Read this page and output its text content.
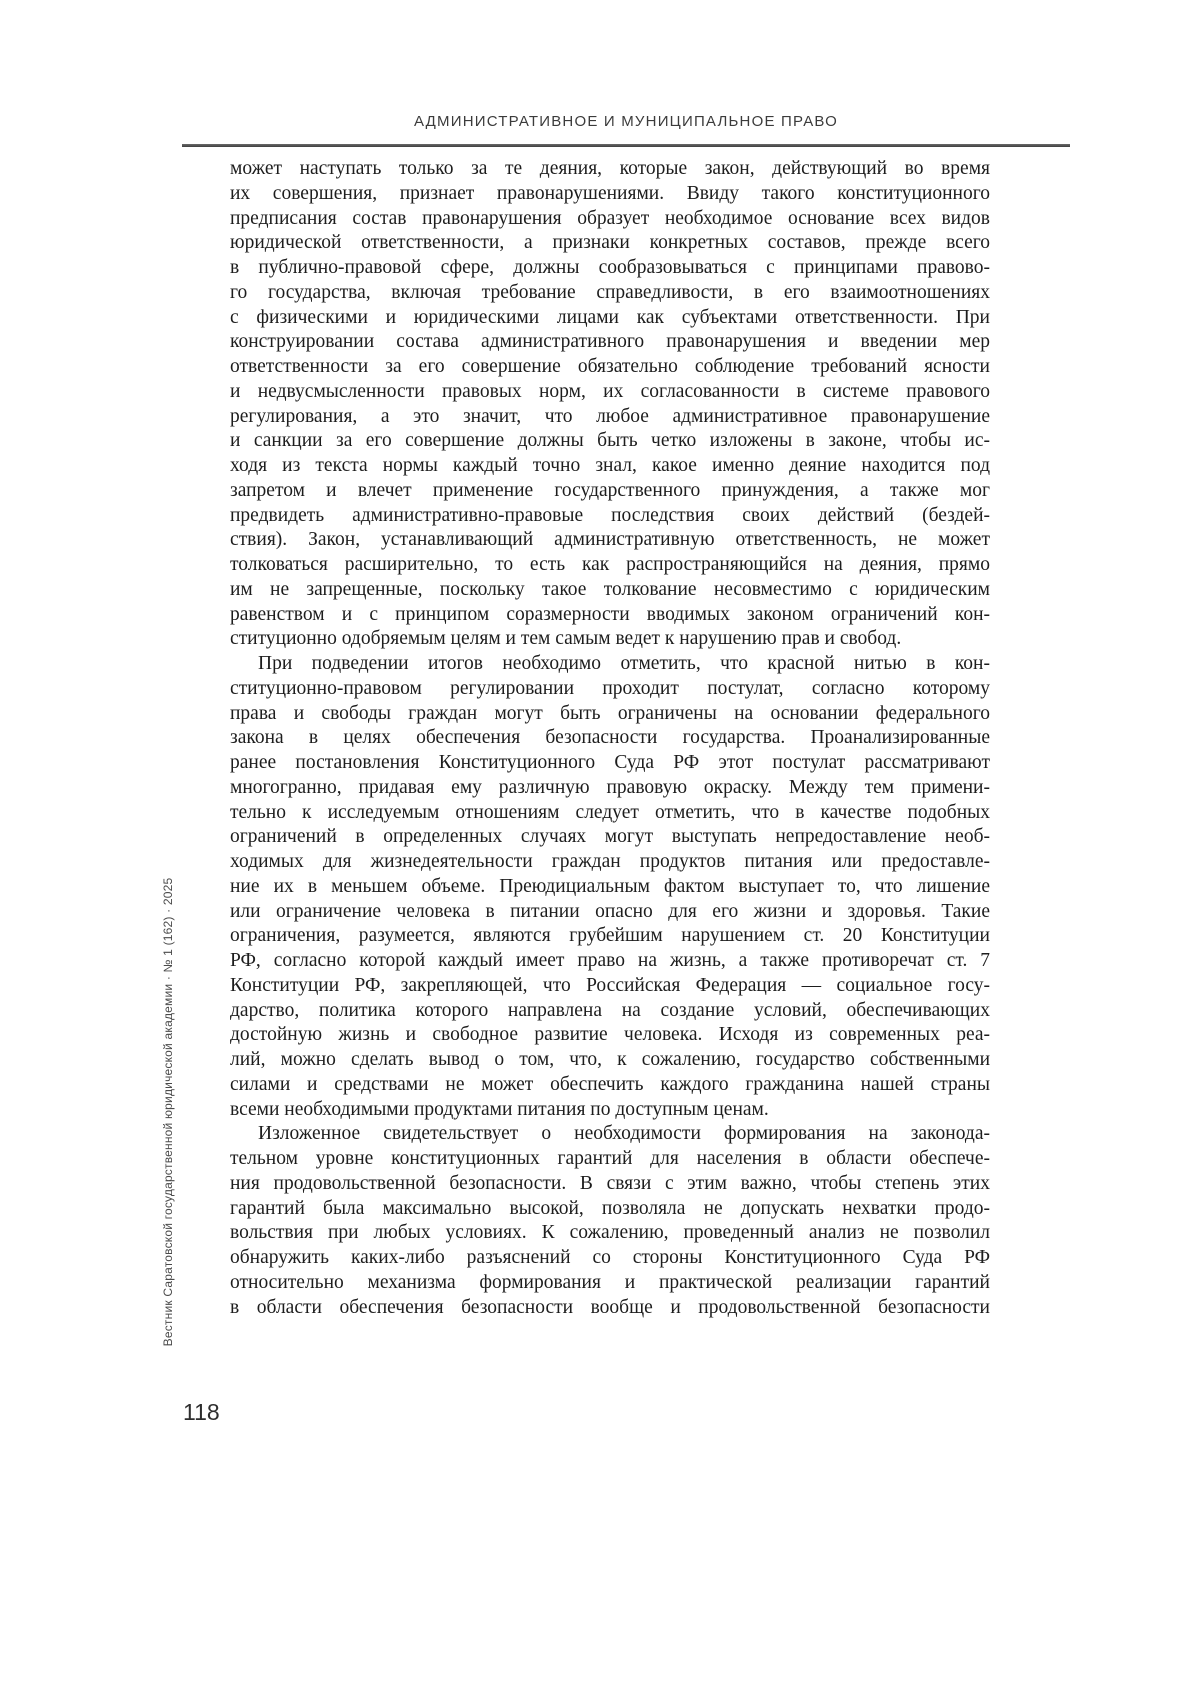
АДМИНИСТРАТИВНОЕ И МУНИЦИПАЛЬНОЕ ПРАВО
Вестник Саратовской государственной юридической академии · № 1 (162) · 2025
может наступать только за те деяния, которые закон, действующий во время
их совершения, признает правонарушениями. Ввиду такого конституционного
предписания состав правонарушения образует необходимое основание всех видов
юридической ответственности, а признаки конкретных составов, прежде всего
в публично-правовой сфере, должны сообразовываться с принципами правово-
го государства, включая требование справедливости, в его взаимоотношениях
с физическими и юридическими лицами как субъектами ответственности. При
конструировании состава административного правонарушения и введении мер
ответственности за его совершение обязательно соблюдение требований ясности
и недвусмысленности правовых норм, их согласованности в системе правового
регулирования, а это значит, что любое административное правонарушение
и санкции за его совершение должны быть четко изложены в законе, чтобы ис-
ходя из текста нормы каждый точно знал, какое именно деяние находится под
запретом и влечет применение государственного принуждения, а также мог
предвидеть административно-правовые последствия своих действий (бездей-
ствия). Закон, устанавливающий административную ответственность, не может
толковаться расширительно, то есть как распространяющийся на деяния, прямо
им не запрещенные, поскольку такое толкование несовместимо с юридическим
равенством и с принципом соразмерности вводимых законом ограничений кон-
ституционно одобряемым целям и тем самым ведет к нарушению прав и свобод.
При подведении итогов необходимо отметить, что красной нитью в кон-
ституционно-правовом регулировании проходит постулат, согласно которому
права и свободы граждан могут быть ограничены на основании федерального
закона в целях обеспечения безопасности государства. Проанализированные
ранее постановления Конституционного Суда РФ этот постулат рассматривают
многогранно, придавая ему различную правовую окраску. Между тем примени-
тельно к исследуемым отношениям следует отметить, что в качестве подобных
ограничений в определенных случаях могут выступать непредоставление необ-
ходимых для жизнедеятельности граждан продуктов питания или предоставле-
ние их в меньшем объеме. Преюдициальным фактом выступает то, что лишение
или ограничение человека в питании опасно для его жизни и здоровья. Такие
ограничения, разумеется, являются грубейшим нарушением ст. 20 Конституции
РФ, согласно которой каждый имеет право на жизнь, а также противоречат ст. 7
Конституции РФ, закрепляющей, что Российская Федерация — социальное госу-
дарство, политика которого направлена на создание условий, обеспечивающих
достойную жизнь и свободное развитие человека. Исходя из современных реа-
лий, можно сделать вывод о том, что, к сожалению, государство собственными
силами и средствами не может обеспечить каждого гражданина нашей страны
всеми необходимыми продуктами питания по доступным ценам.
Изложенное свидетельствует о необходимости формирования на законода-
тельном уровне конституционных гарантий для населения в области обеспече-
ния продовольственной безопасности. В связи с этим важно, чтобы степень этих
гарантий была максимально высокой, позволяла не допускать нехватки продо-
вольствия при любых условиях. К сожалению, проведенный анализ не позволил
обнаружить каких-либо разъяснений со стороны Конституционного Суда РФ
относительно механизма формирования и практической реализации гарантий
в области обеспечения безопасности вообще и продовольственной безопасности
118
